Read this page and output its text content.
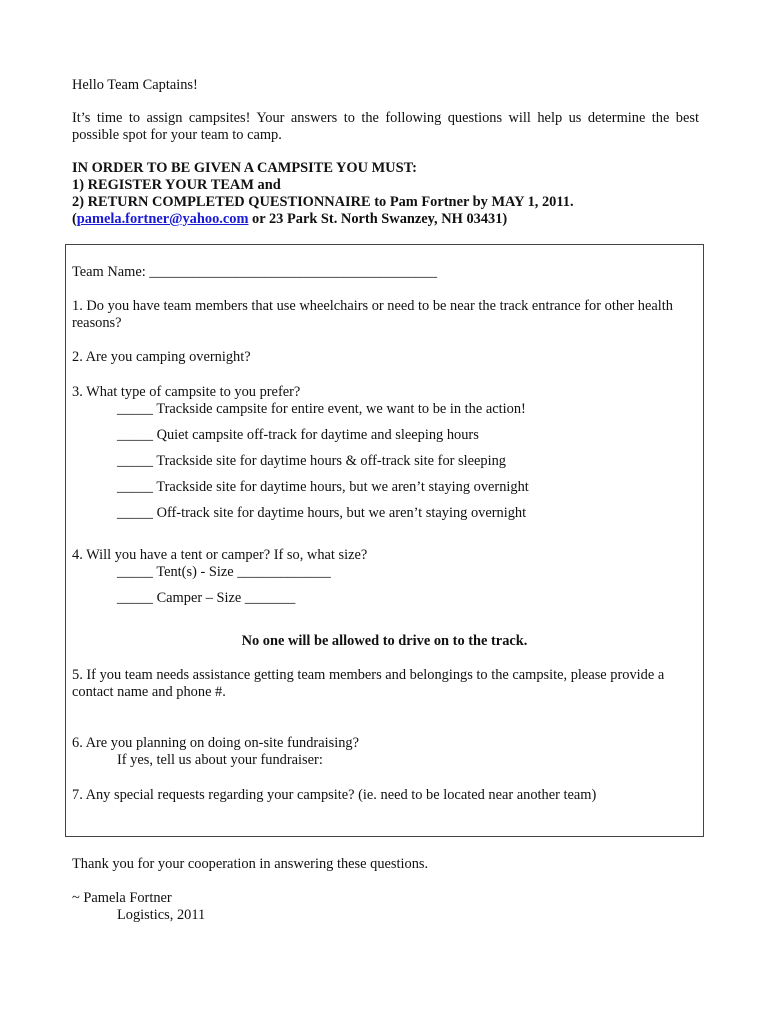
Hello Team Captains!
It’s time to assign campsites! Your answers to the following questions will help us determine the best possible spot for your team to camp.
IN ORDER TO BE GIVEN A CAMPSITE YOU MUST:
1) REGISTER YOUR TEAM and
2) RETURN COMPLETED QUESTIONNAIRE to Pam Fortner by MAY 1, 2011.
(pamela.fortner@yahoo.com or 23 Park St. North Swanzey, NH 03431)
Team Name: ________________________________________
1. Do you have team members that use wheelchairs or need to be near the track entrance for other health reasons?
2. Are you camping overnight?
3. What type of campsite to you prefer?
_____ Trackside campsite for entire event, we want to be in the action!
_____ Quiet campsite off-track for daytime and sleeping hours
_____ Trackside site for daytime hours & off-track site for sleeping
_____ Trackside site for daytime hours, but we aren’t staying overnight
_____ Off-track site for daytime hours, but we aren’t staying overnight
4. Will you have a tent or camper? If so, what size?
_____ Tent(s) - Size _____________
_____ Camper – Size _______
No one will be allowed to drive on to the track.
5. If you team needs assistance getting team members and belongings to the campsite, please provide a contact name and phone #.
6. Are you planning on doing on-site fundraising?
If yes, tell us about your fundraiser:
7. Any special requests regarding your campsite? (ie. need to be located near another team)
Thank you for your cooperation in answering these questions.
~ Pamela Fortner
Logistics, 2011
